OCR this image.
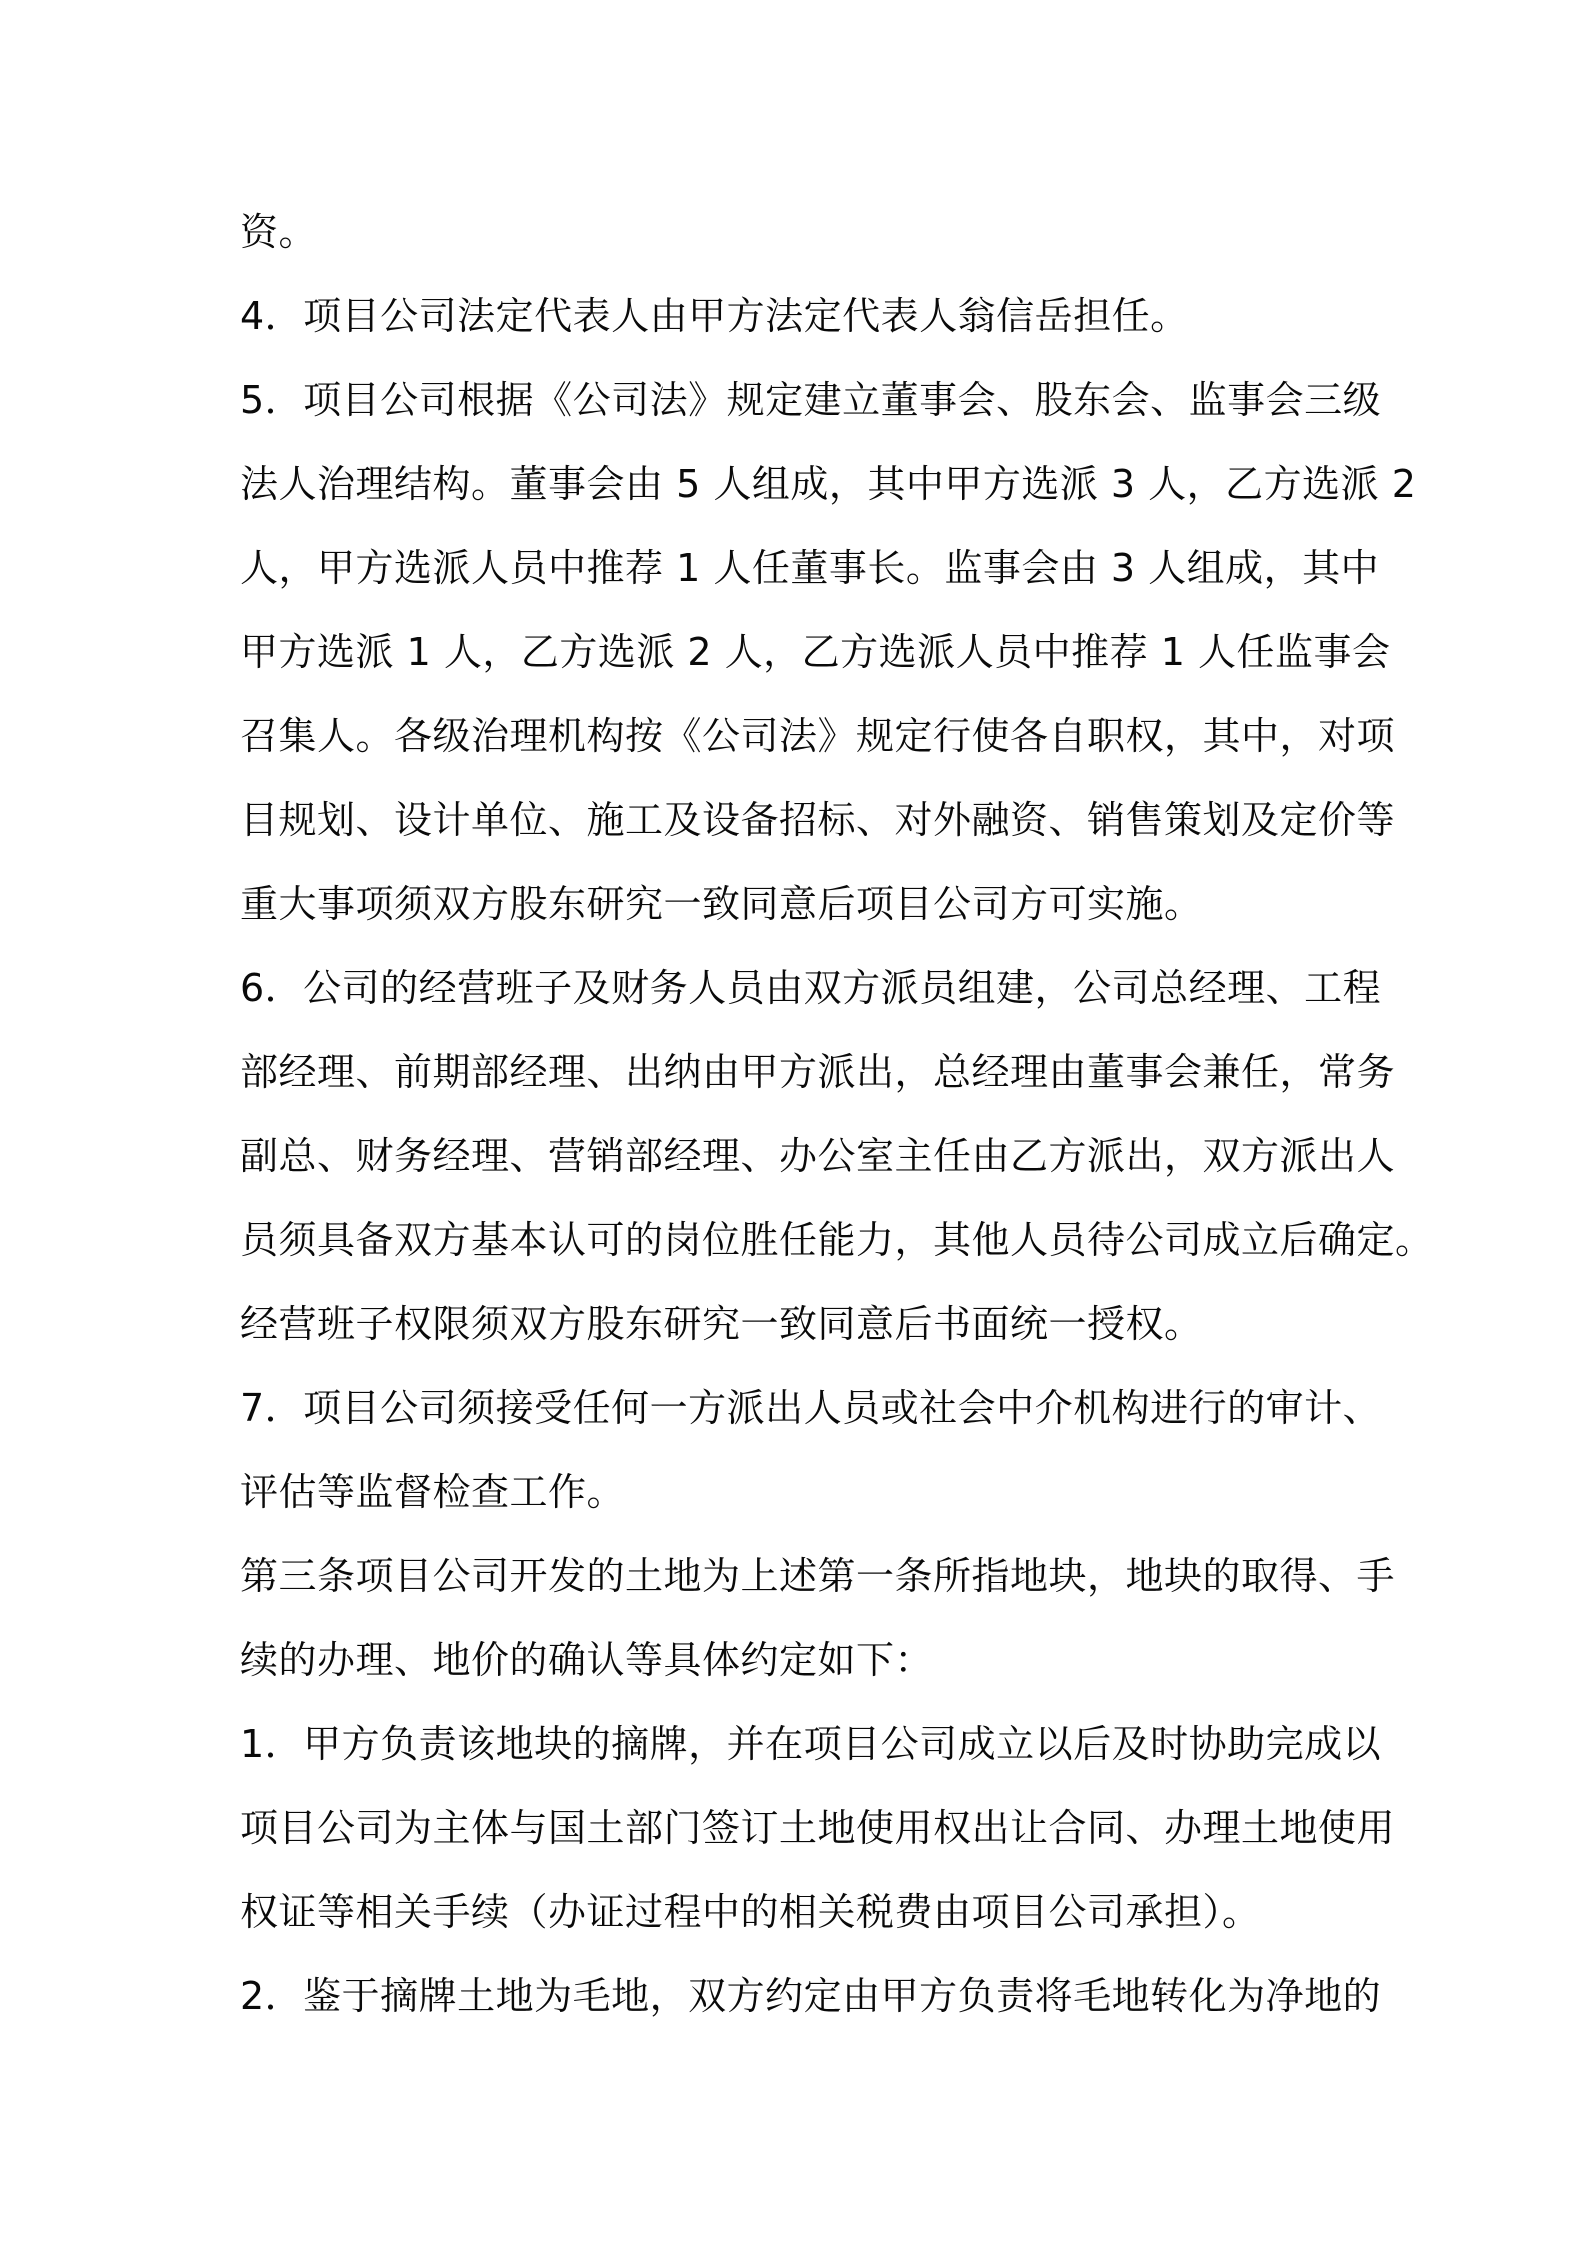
资。
4．项目公司法定代表人由甲方法定代表人翁信岳担任。
5．项目公司根据《公司法》规定建立董事会、股东会、监事会三级
法人治理结构。董事会由 5 人组成，其中甲方选派 3 人，乙方选派 2
人，甲方选派人员中推荐 1 人任董事长。监事会由 3 人组成，其中
甲方选派 1 人，乙方选派 2 人，乙方选派人员中推荐 1 人任监事会
召集人。各级治理机构按《公司法》规定行使各自职权，其中，对项
目规划、设计单位、施工及设备招标、对外融资、销售策划及定价等
重大事项须双方股东研究一致同意后项目公司方可实施。
6．公司的经营班子及财务人员由双方派员组建，公司总经理、工程
部经理、前期部经理、出纳由甲方派出，总经理由董事会兼任，常务
副总、财务经理、营销部经理、办公室主任由乙方派出，双方派出人
员须具备双方基本认可的岗位胜任能力，其他人员待公司成立后确定。
经营班子权限须双方股东研究一致同意后书面统一授权。
7．项目公司须接受任何一方派出人员或社会中介机构进行的审计、
评估等监督检查工作。
第三条项目公司开发的土地为上述第一条所指地块，地块的取得、手
续的办理、地价的确认等具体约定如下：
1．甲方负责该地块的摘牌，并在项目公司成立以后及时协助完成以
项目公司为主体与国土部门签订土地使用权出让合同、办理土地使用
权证等相关手续（办证过程中的相关税费由项目公司承担）。
2．鉴于摘牌土地为毛地，双方约定由甲方负责将毛地转化为净地的
